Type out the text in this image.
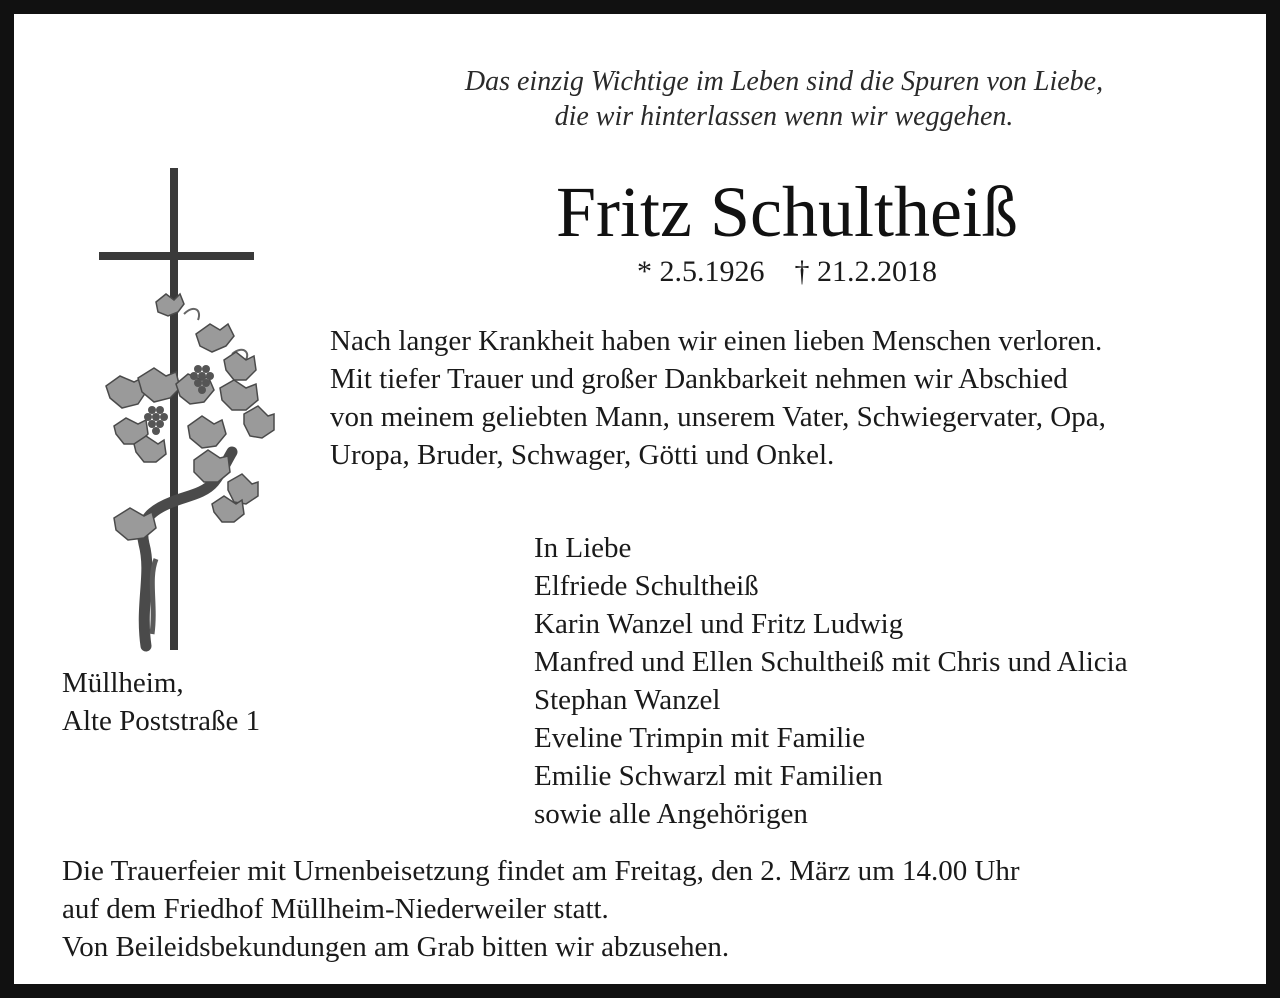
Das einzig Wichtige im Leben sind die Spuren von Liebe,
die wir hinterlassen wenn wir weggehen.
Fritz Schultheiß
* 2.5.1926 † 21.2.2018
Nach langer Krankheit haben wir einen lieben Menschen verloren.
Mit tiefer Trauer und großer Dankbarkeit nehmen wir Abschied
von meinem geliebten Mann, unserem Vater, Schwiegervater, Opa,
Uropa, Bruder, Schwager, Götti und Onkel.
In Liebe
Elfriede Schultheiß
Karin Wanzel und Fritz Ludwig
Manfred und Ellen Schultheiß mit Chris und Alicia
Stephan Wanzel
Eveline Trimpin mit Familie
Emilie Schwarzl mit Familien
sowie alle Angehörigen
Müllheim,
Alte Poststraße 1
Die Trauerfeier mit Urnenbeisetzung findet am Freitag, den 2. März um 14.00 Uhr
auf dem Friedhof Müllheim-Niederweiler statt.
Von Beileidsbekundungen am Grab bitten wir abzusehen.
